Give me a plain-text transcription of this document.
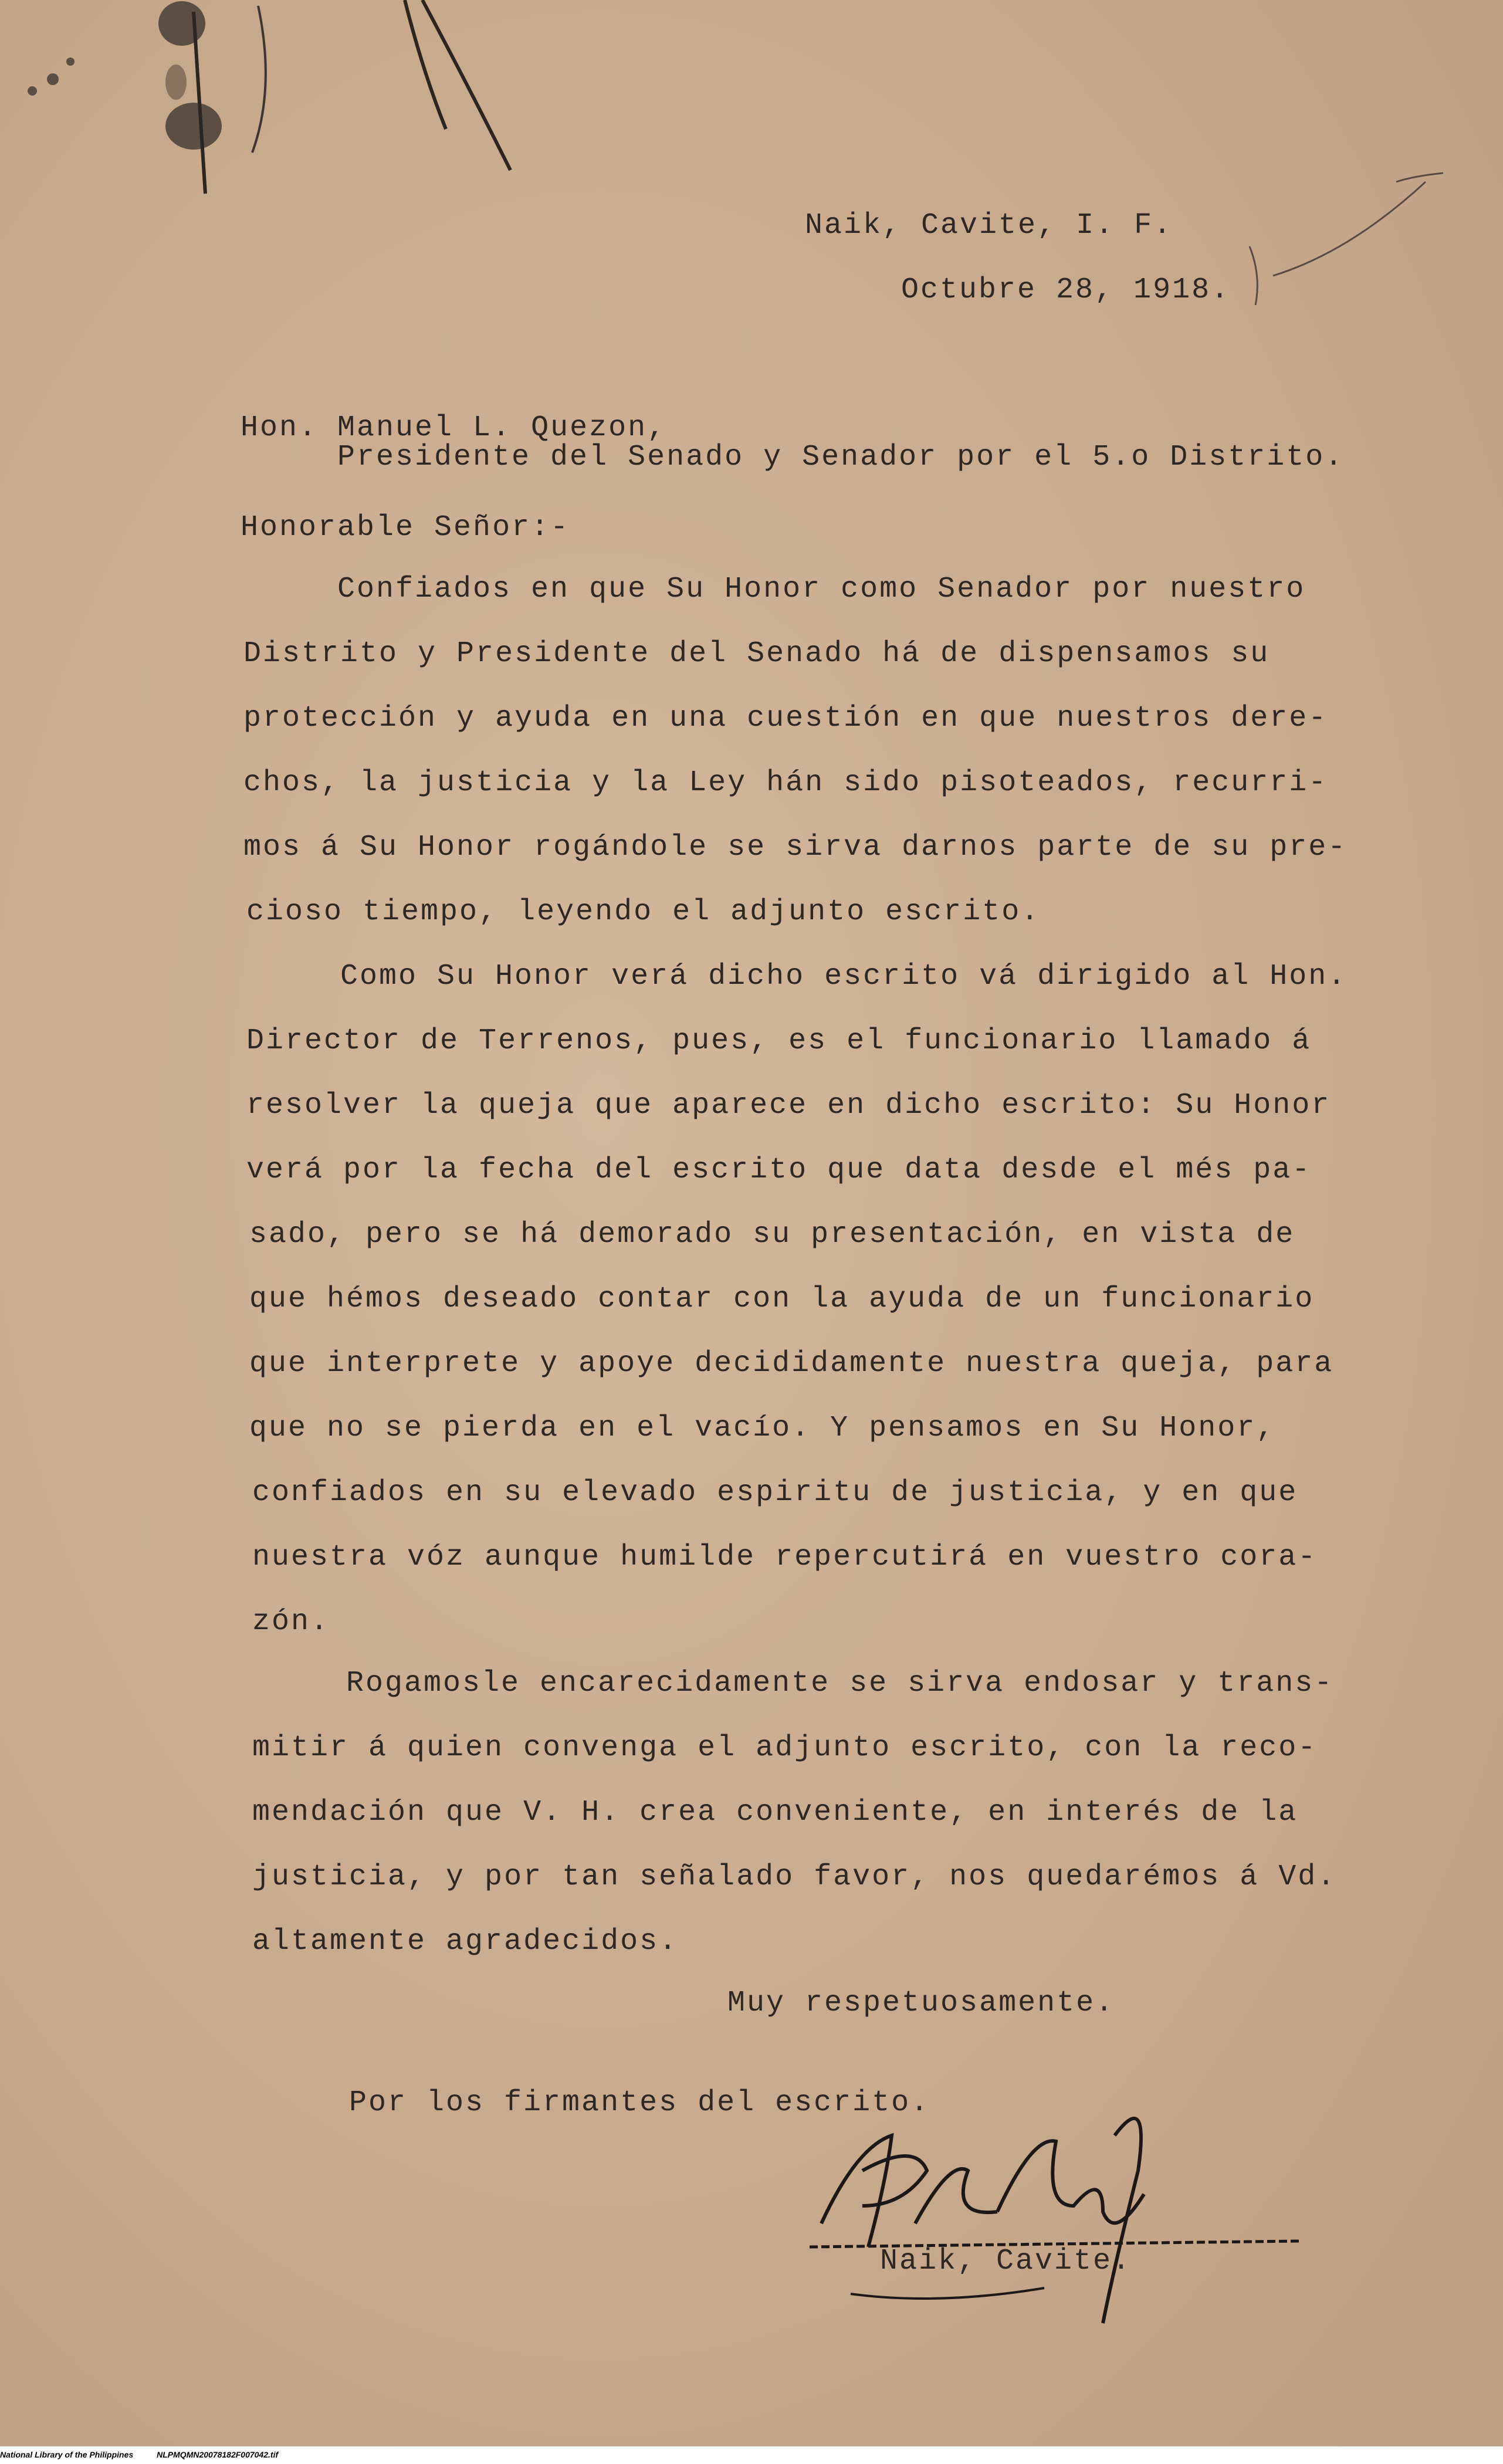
Naik, Cavite, I. F.
Octubre 28, 1918.
Hon. Manuel L. Quezon,
Presidente del Senado y Senador por el 5.o Distrito.
Honorable Señor:-
Confiados en que Su Honor como Senador por nuestro
Distrito y Presidente del Senado há de dispensamos su
protección y ayuda en una cuestión en que nuestros dere-
chos, la justicia y la Ley hán sido pisoteados, recurri-
mos á Su Honor rogándole se sirva darnos parte de su pre-
cioso tiempo, leyendo el adjunto escrito.
Como Su Honor verá dicho escrito vá dirigido al Hon.
Director de Terrenos, pues, es el funcionario llamado á
resolver la queja que aparece en dicho escrito: Su Honor
verá por la fecha del escrito que data desde el més pa-
sado, pero se há demorado su presentación, en vista de
que hémos deseado contar con la ayuda de un funcionario
que interprete y apoye decididamente nuestra queja, para
que no se pierda en el vacío. Y pensamos en Su Honor,
confiados en su elevado espiritu de justicia, y en que
nuestra vóz aunque humilde repercutirá en vuestro cora-
zón.
Rogamosle encarecidamente se sirva endosar y trans-
mitir á quien convenga el adjunto escrito, con la reco-
mendación que V. H. crea conveniente, en interés de la
justicia, y por tan señalado favor, nos quedarémos á Vd.
altamente agradecidos.
Muy respetuosamente.
Por los firmantes del escrito.
Naik, Cavite.
National Library of the Philippines	NLPMQMN20078182F007042.tif
